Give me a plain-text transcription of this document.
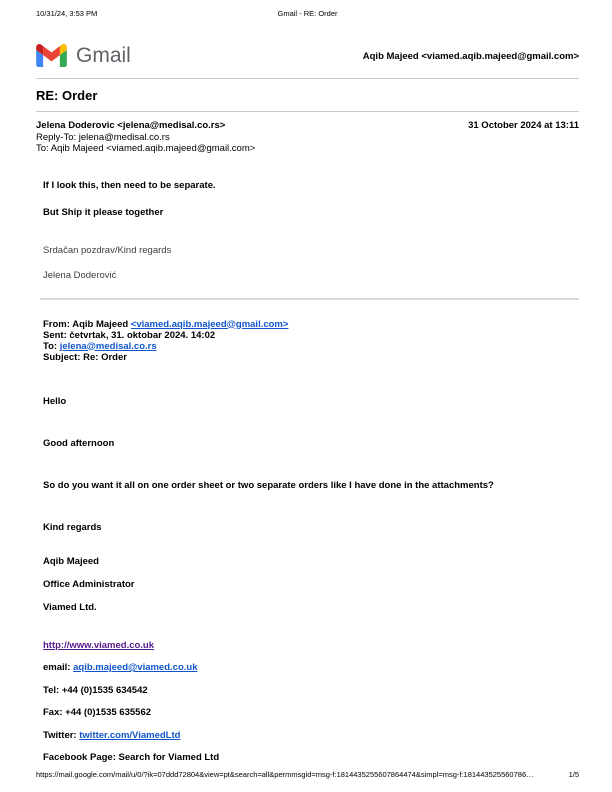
10/31/24, 3:53 PM	Gmail - RE: Order
Gmail	Aqib Majeed <viamed.aqib.majeed@gmail.com>
RE: Order

Jelena Doderovic <jelena@medisal.co.rs>

Reply-To: jelena@medisal.co.rs

To: Aqib Majeed <viamed.aqib.majeed@gmail.com>

31 October 2024 at 13:11

If I look this, then need to be separate.

But Ship it please together

Srdačan pozdrav/Kind regards

Jelena Doderović

From: Aqib Majeed <viamed.aqib.majeed@gmail.com>

Sent: četvrtak, 31. oktobar 2024. 14:02

To: jelena@medisal.co.rs

Subject: Re: Order

Hello

Good afternoon

So do you want it all on one order sheet or two separate orders like I have done in the attachments?

Kind regards

Aqib Majeed

Office Administrator

Viamed Ltd.

http://www.viamed.co.uk

email: aqib.majeed@viamed.co.uk

Tel: +44 (0)1535 634542

Fax: +44 (0)1535 635562

Twitter: twitter.com/ViamedLtd

Facebook Page: Search for Viamed Ltd

https://mail.google.com/mail/u/0/?ik=07ddd72804&view=pt&search=all&permmsgid=msg-f:1814435255607864474&simpl=msg-f:181443525560786…	1/5
